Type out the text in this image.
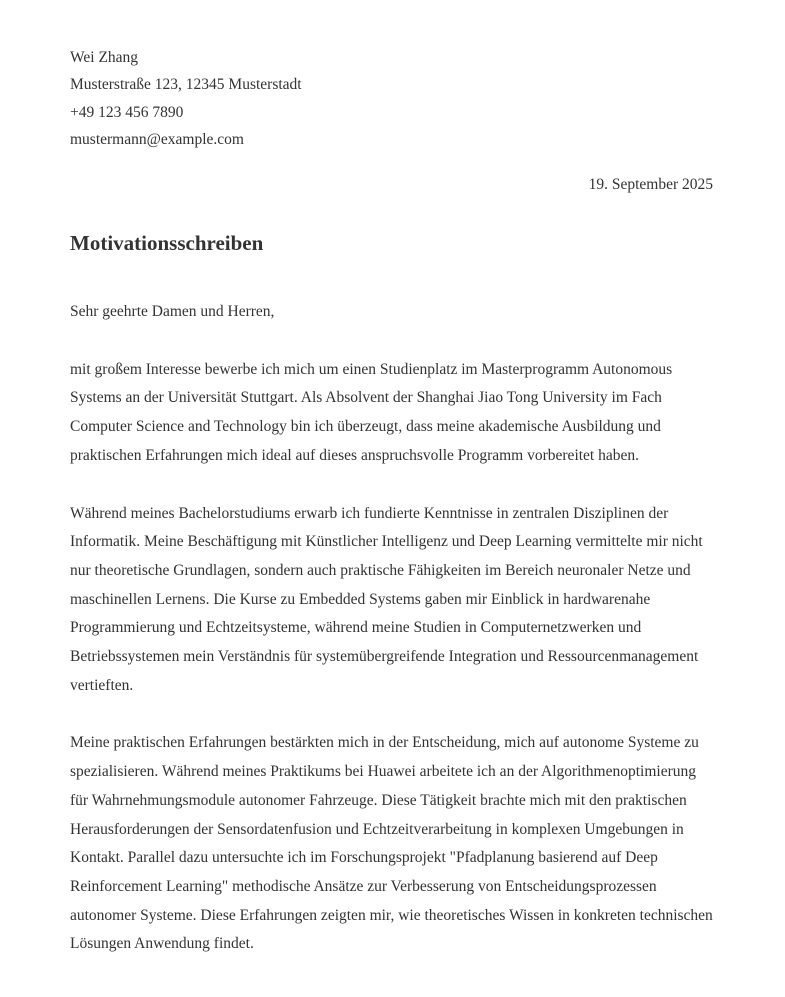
Wei Zhang
Musterstraße 123, 12345 Musterstadt
+49 123 456 7890
mustermann@example.com
19. September 2025
Motivationsschreiben

Sehr geehrte Damen und Herren,

mit großem Interesse bewerbe ich mich um einen Studienplatz im Masterprogramm Autonomous Systems an der Universität Stuttgart. Als Absolvent der Shanghai Jiao Tong University im Fach Computer Science and Technology bin ich überzeugt, dass meine akademische Ausbildung und praktischen Erfahrungen mich ideal auf dieses anspruchsvolle Programm vorbereitet haben.

Während meines Bachelorstudiums erwarb ich fundierte Kenntnisse in zentralen Disziplinen der Informatik. Meine Beschäftigung mit Künstlicher Intelligenz und Deep Learning vermittelte mir nicht nur theoretische Grundlagen, sondern auch praktische Fähigkeiten im Bereich neuronaler Netze und maschinellen Lernens. Die Kurse zu Embedded Systems gaben mir Einblick in hardwarenahe Programmierung und Echtzeitsysteme, während meine Studien in Computernetzwerken und Betriebssystemen mein Verständnis für systemübergreifende Integration und Ressourcenmanagement vertieften.

Meine praktischen Erfahrungen bestärkten mich in der Entscheidung, mich auf autonome Systeme zu spezialisieren. Während meines Praktikums bei Huawei arbeitete ich an der Algorithmenoptimierung für Wahrnehmungsmodule autonomer Fahrzeuge. Diese Tätigkeit brachte mich mit den praktischen Herausforderungen der Sensordatenfusion und Echtzeitverarbeitung in komplexen Umgebungen in Kontakt. Parallel dazu untersuchte ich im Forschungsprojekt "Pfadplanung basierend auf Deep Reinforcement Learning" methodische Ansätze zur Verbesserung von Entscheidungsprozessen autonomer Systeme. Diese Erfahrungen zeigten mir, wie theoretisches Wissen in konkreten technischen Lösungen Anwendung findet.
